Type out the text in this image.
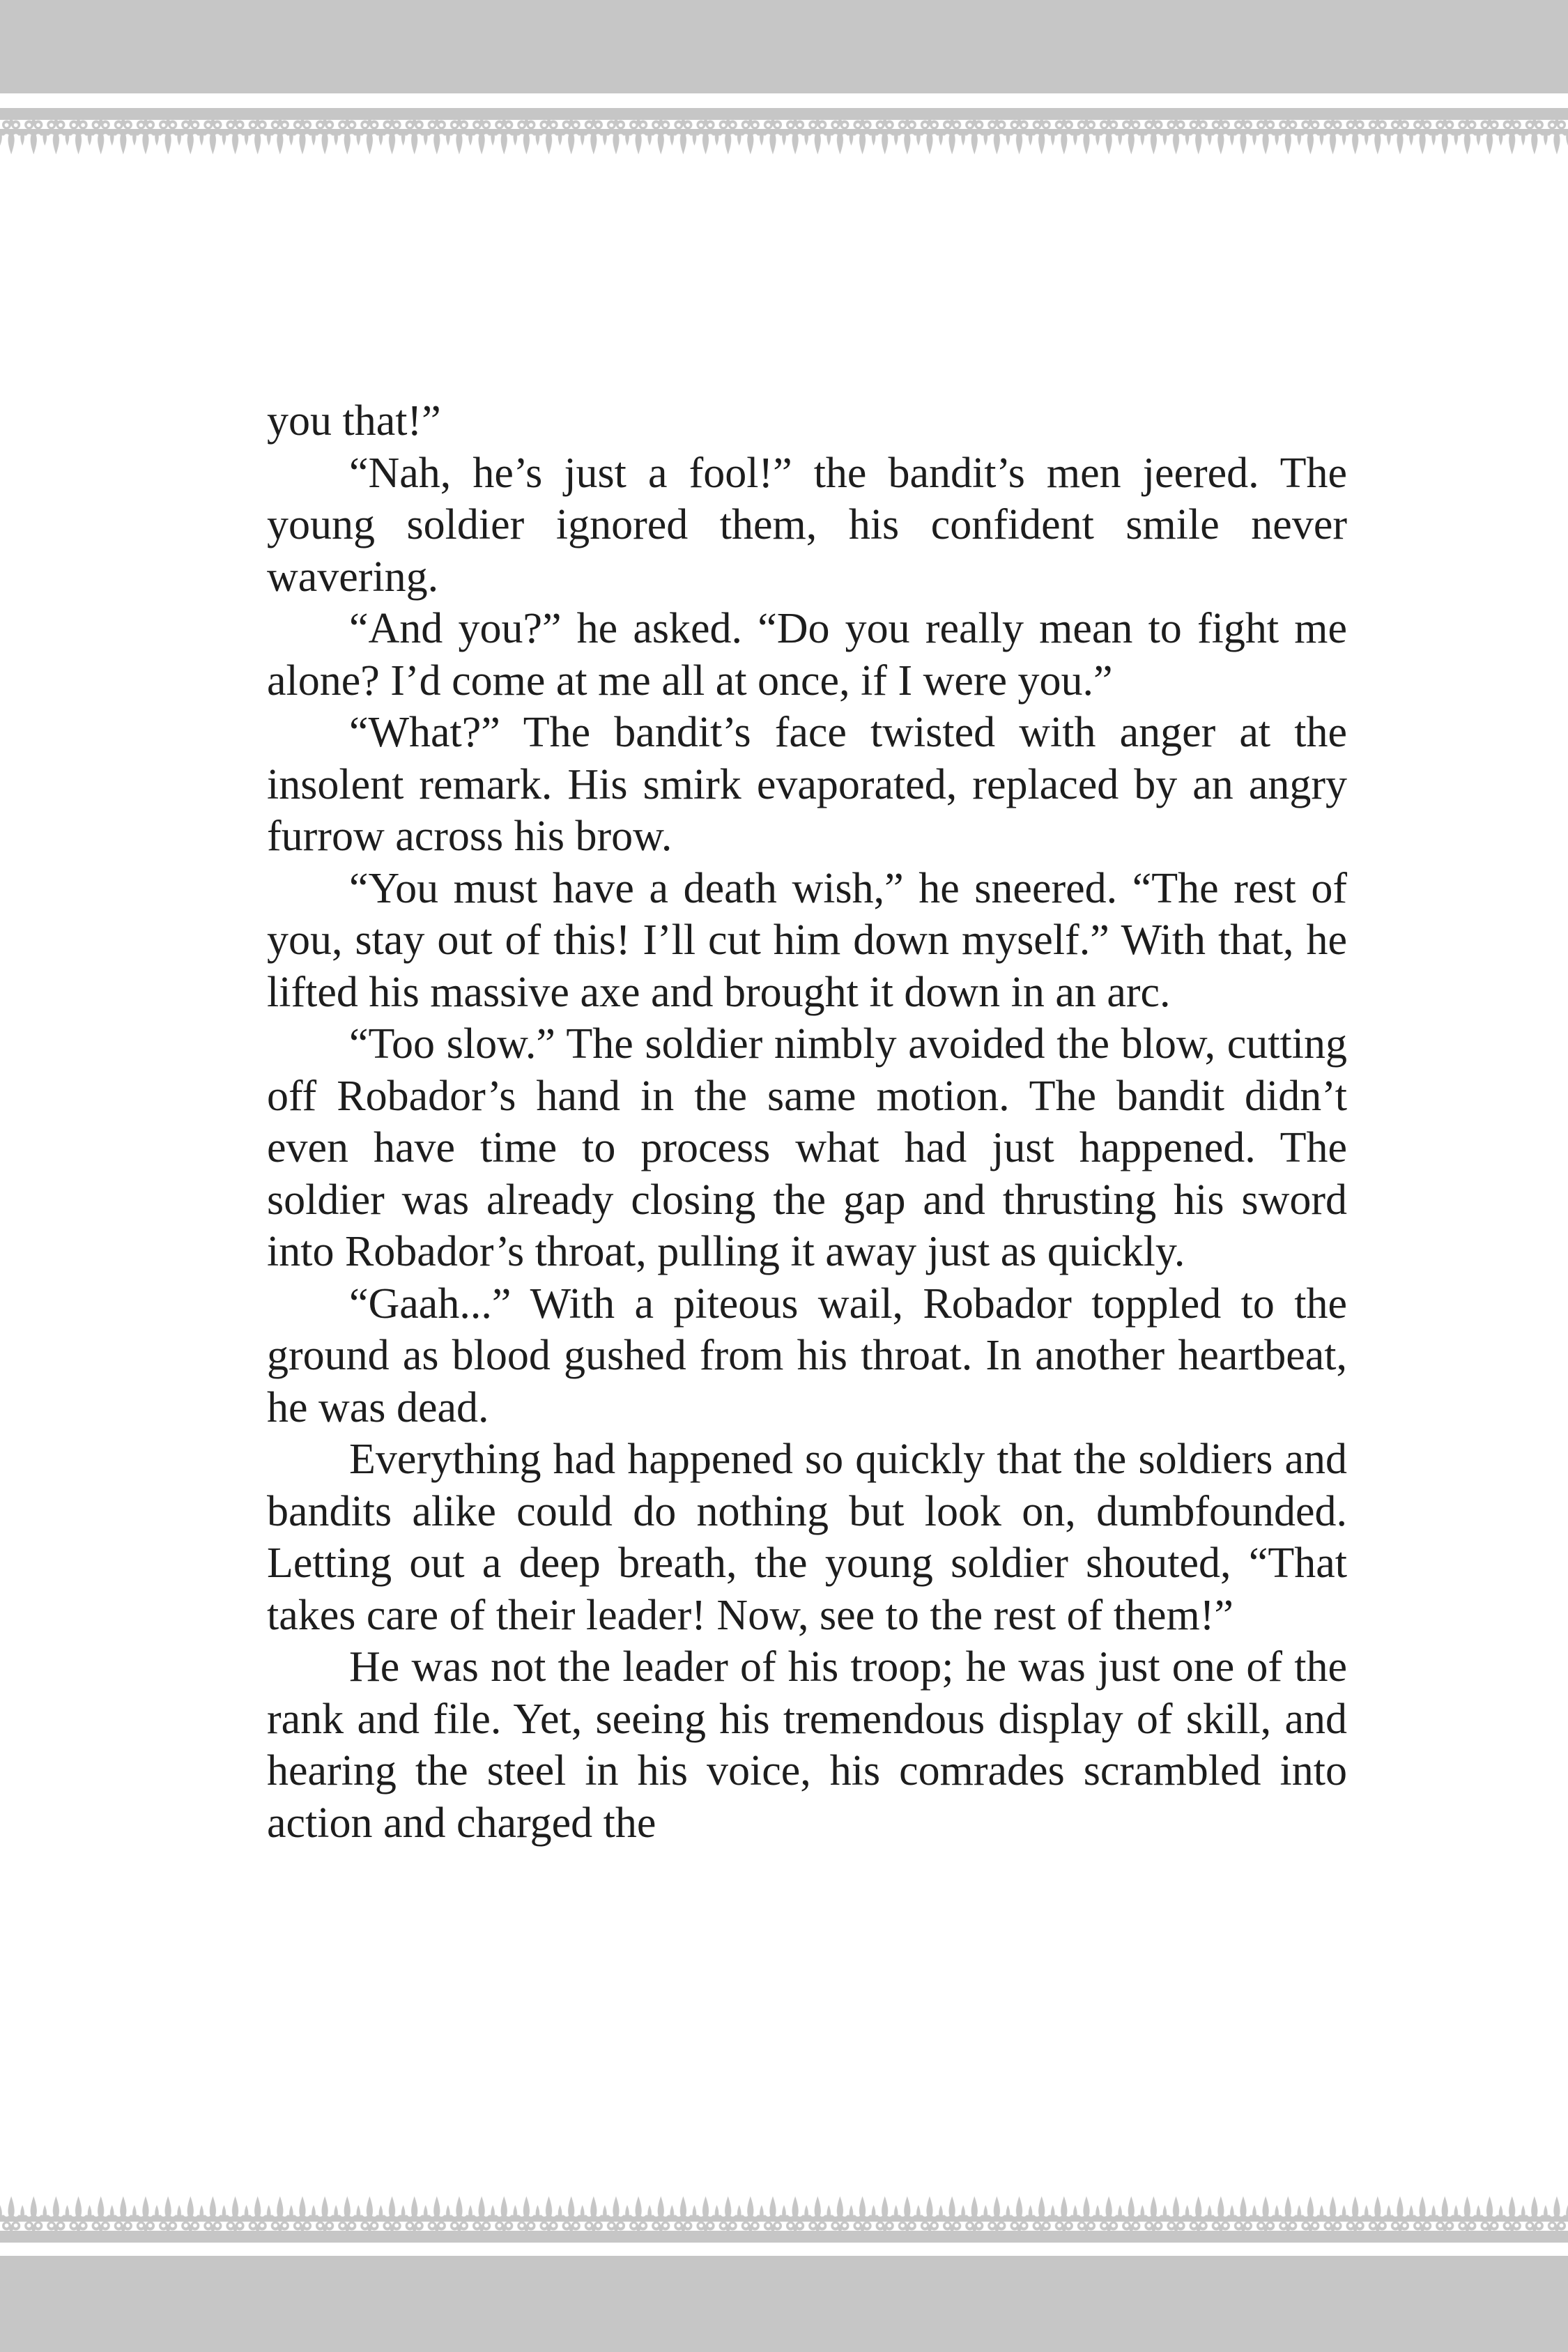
you that!”

“Nah, he’s just a fool!” the bandit’s men jeered. The young soldier ignored them, his confident smile never wavering.

“And you?” he asked. “Do you really mean to fight me alone? I’d come at me all at once, if I were you.”

“What?” The bandit’s face twisted with anger at the insolent remark. His smirk evaporated, replaced by an angry furrow across his brow.

“You must have a death wish,” he sneered. “The rest of you, stay out of this! I’ll cut him down myself.” With that, he lifted his massive axe and brought it down in an arc.

“Too slow.” The soldier nimbly avoided the blow, cutting off Robador’s hand in the same motion. The bandit didn’t even have time to process what had just happened. The soldier was already closing the gap and thrusting his sword into Robador’s throat, pulling it away just as quickly.

“Gaah...” With a piteous wail, Robador toppled to the ground as blood gushed from his throat. In another heartbeat, he was dead.

Everything had happened so quickly that the soldiers and bandits alike could do nothing but look on, dumbfounded. Letting out a deep breath, the young soldier shouted, “That takes care of their leader! Now, see to the rest of them!”

He was not the leader of his troop; he was just one of the rank and file. Yet, seeing his tremendous display of skill, and hearing the steel in his voice, his comrades scrambled into action and charged the
